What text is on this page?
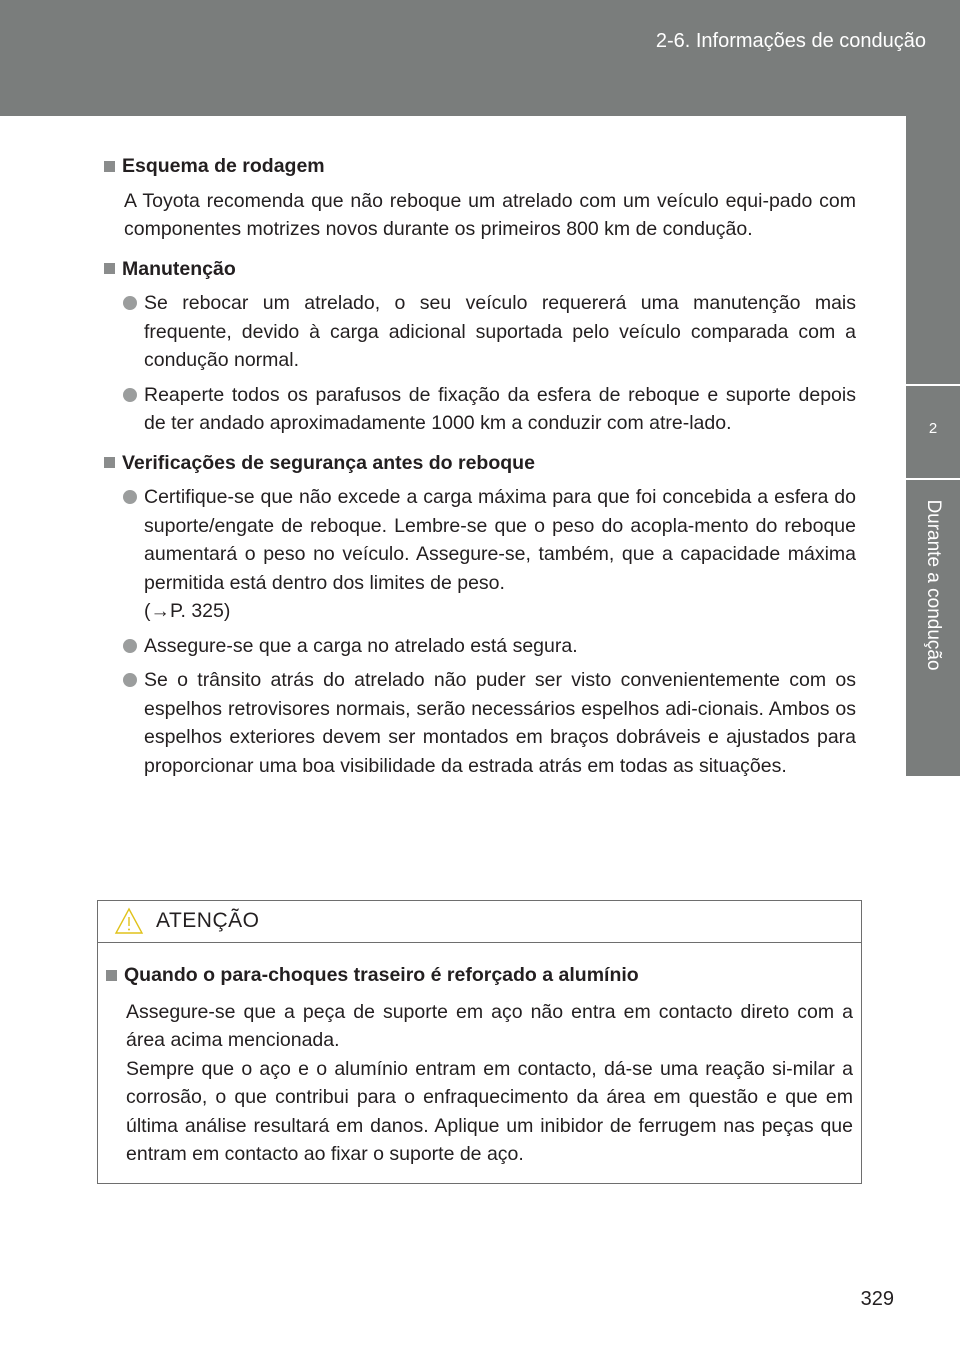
2-6. Informações de condução
2
Durante a condução
Esquema de rodagem
A Toyota recomenda que não reboque um atrelado com um veículo equi-pado com componentes motrizes novos durante os primeiros 800 km de condução.
Manutenção
Se rebocar um atrelado, o seu veículo requererá uma manutenção mais frequente, devido à carga adicional suportada pelo veículo comparada com a condução normal.
Reaperte todos os parafusos de fixação da esfera de reboque e suporte depois de ter andado aproximadamente 1000 km a conduzir com atre-lado.
Verificações de segurança antes do reboque
Certifique-se que não excede a carga máxima para que foi concebida a esfera do suporte/engate de reboque. Lembre-se que o peso do acopla-mento do reboque aumentará o peso no veículo. Assegure-se, também, que a capacidade máxima permitida está dentro dos limites de peso.
(→P. 325)
Assegure-se que a carga no atrelado está segura.
Se o trânsito atrás do atrelado não puder ser visto convenientemente com os espelhos retrovisores normais, serão necessários espelhos adi-cionais. Ambos os espelhos exteriores devem ser montados em braços dobráveis e ajustados para proporcionar uma boa visibilidade da estrada atrás em todas as situações.
ATENÇÃO
Quando o para-choques traseiro é reforçado a alumínio
Assegure-se que a peça de suporte em aço não entra em contacto direto com a área acima mencionada.
Sempre que o aço e o alumínio entram em contacto, dá-se uma reação si-milar a corrosão, o que contribui para o enfraquecimento da área em questão e que em última análise resultará em danos. Aplique um inibidor de ferrugem nas peças que entram em contacto ao fixar o suporte de aço.
329
